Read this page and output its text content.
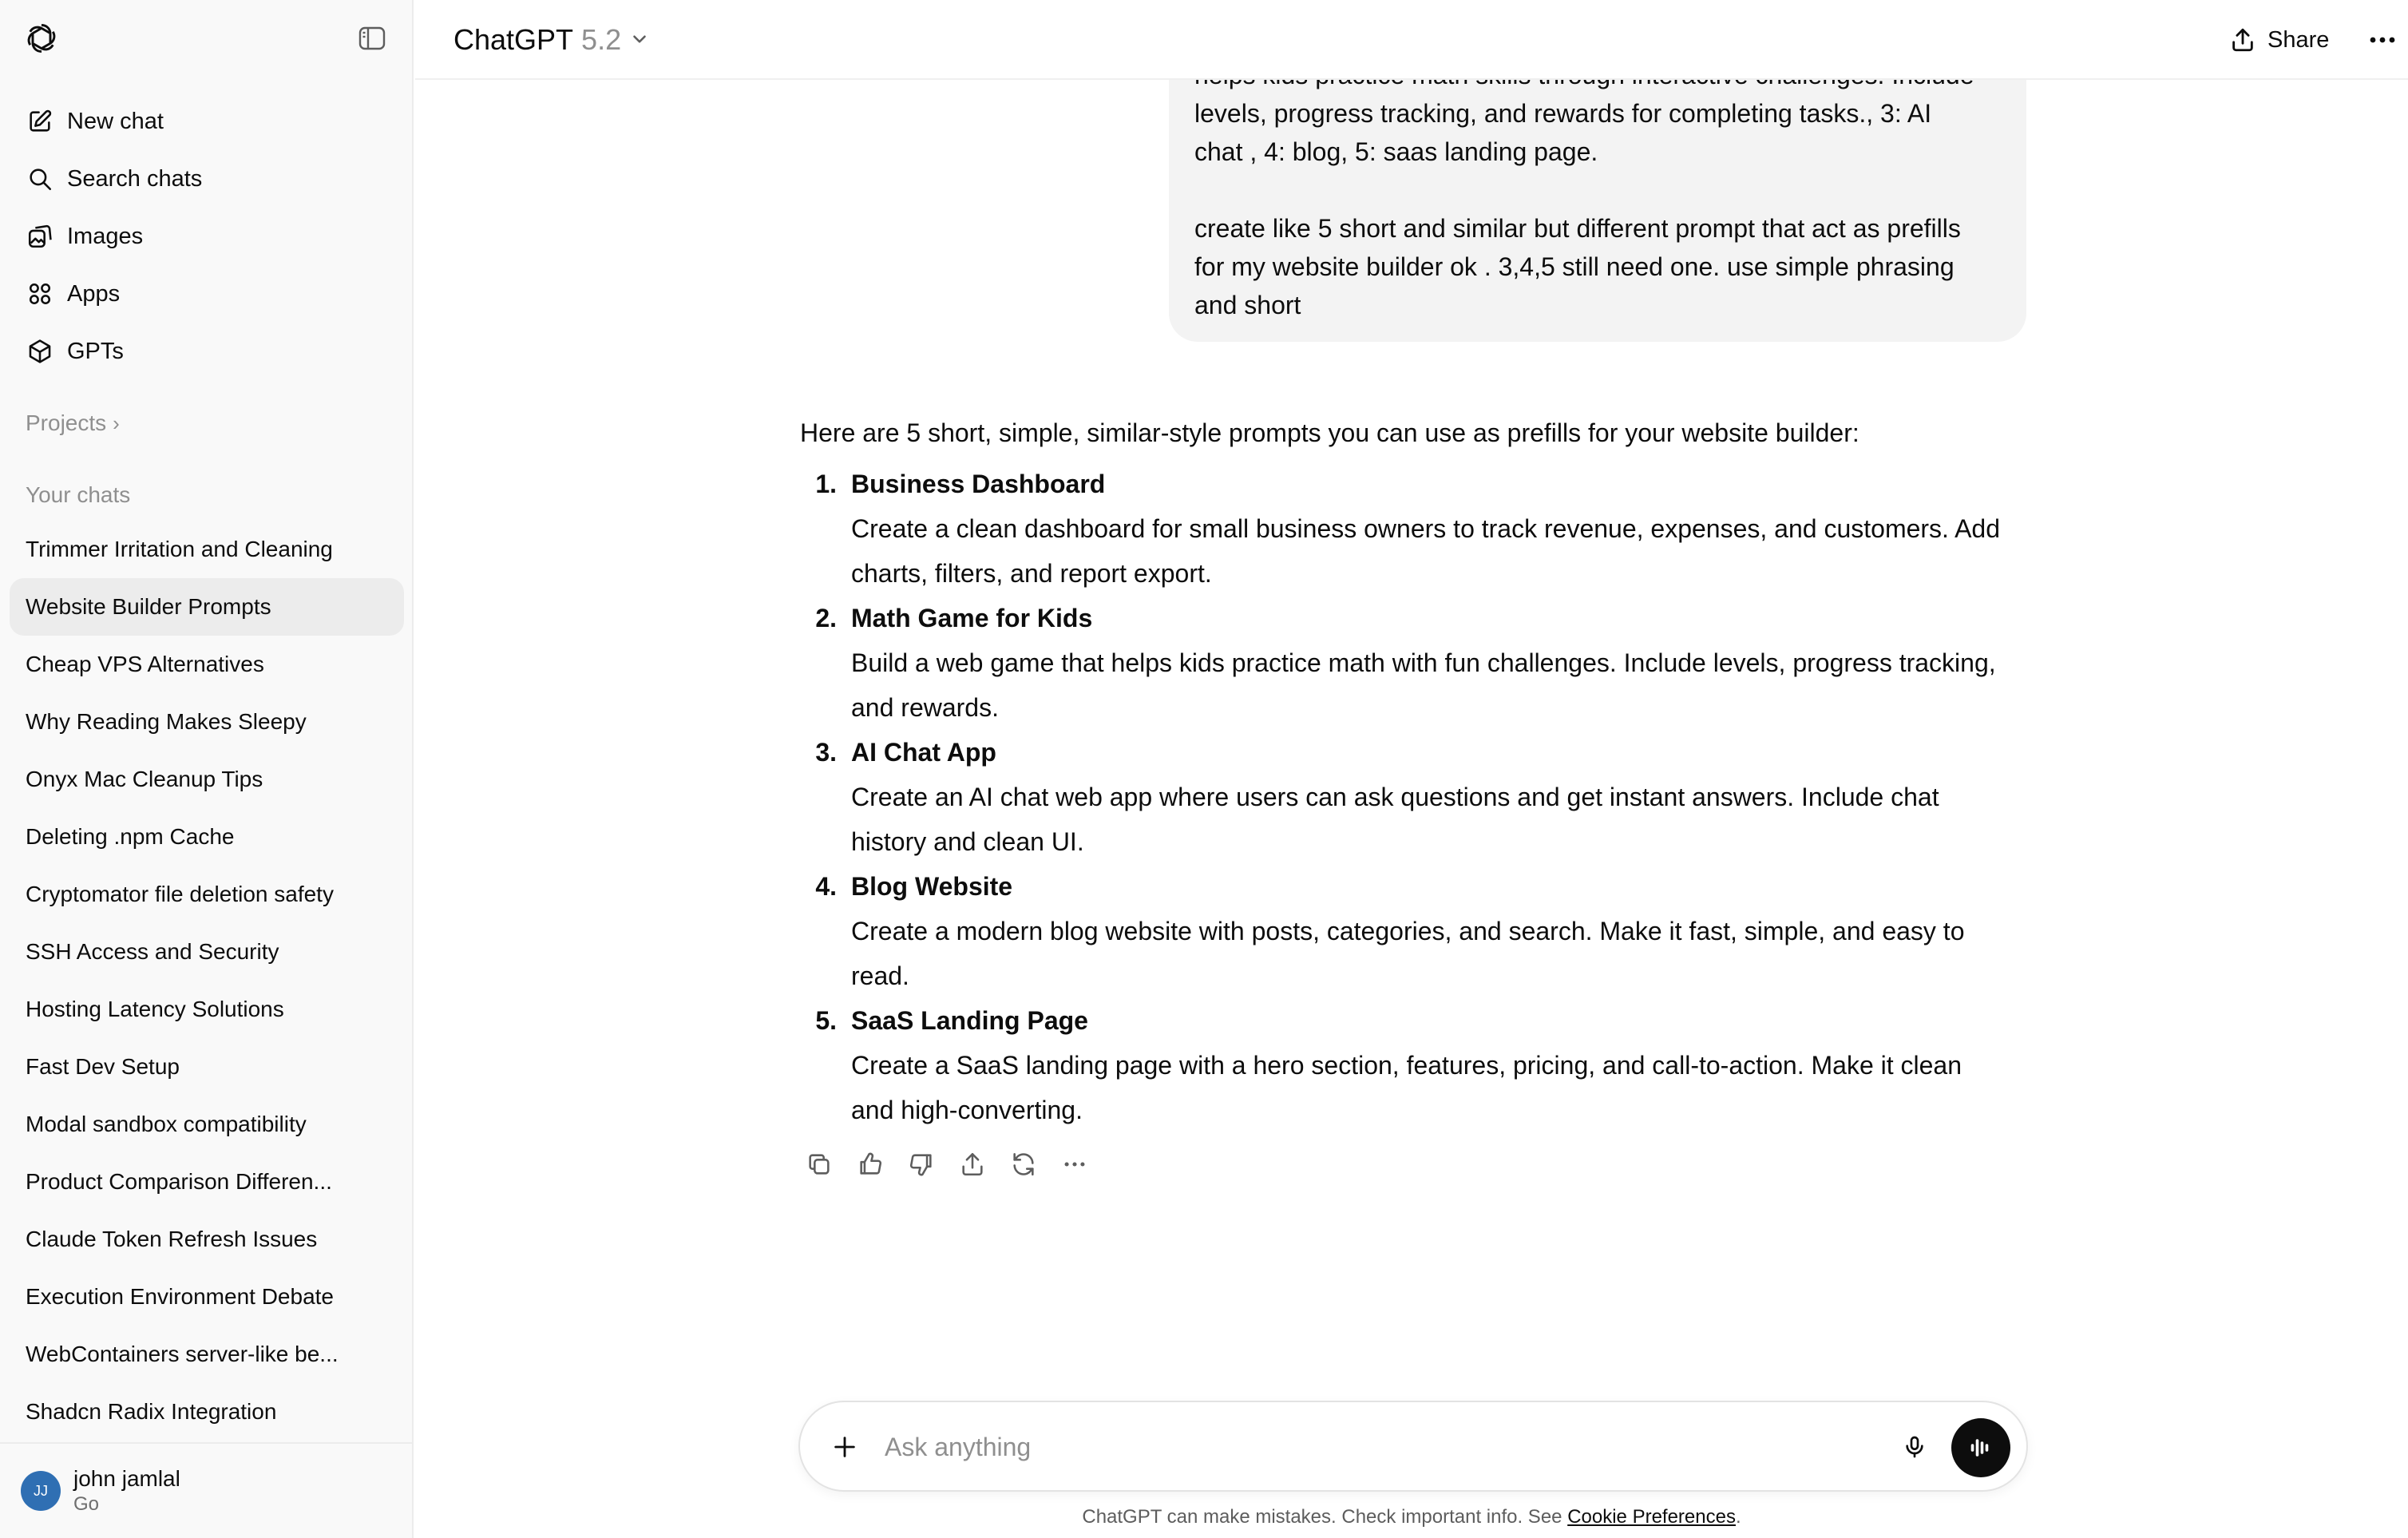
New chat
Search chats
Images
Apps
GPTs
Projects ›
Your chats
Trimmer Irritation and Cleaning
Website Builder Prompts
Cheap VPS Alternatives
Why Reading Makes Sleepy
Onyx Mac Cleanup Tips
Deleting .npm Cache
Cryptomator file deletion safety
SSH Access and Security
Hosting Latency Solutions
Fast Dev Setup
Modal sandbox compatibility
Product Comparison Differen...
Claude Token Refresh Issues
Execution Environment Debate
WebContainers server-like be...
Shadcn Radix Integration
JJ	john jamlal
Go

levels, progress tracking, and rewards for completing tasks., 3: AI

chat , 4: blog, 5: saas landing page.

create like 5 short and similar but different prompt that act as prefills

for my website builder ok . 3,4,5 still need one. use simple phrasing

and short

ChatGPT 5.2	Share
Here are 5 short, simple, similar-style prompts you can use as prefills for your website builder:
1. Business Dashboard
Create a clean dashboard for small business owners to track revenue, expenses, and customers. Add
charts, filters, and report export.
2. Math Game for Kids
Build a web game that helps kids practice math with fun challenges. Include levels, progress tracking,
and rewards.
3. AI Chat App
Create an AI chat web app where users can ask questions and get instant answers. Include chat
history and clean UI.
4. Blog Website
Create a modern blog website with posts, categories, and search. Make it fast, simple, and easy to
read.
5. SaaS Landing Page
Create a SaaS landing page with a hero section, features, pricing, and call-to-action. Make it clean
and high-converting.
Ask anything
ChatGPT can make mistakes. Check important info. See Cookie Preferences.
